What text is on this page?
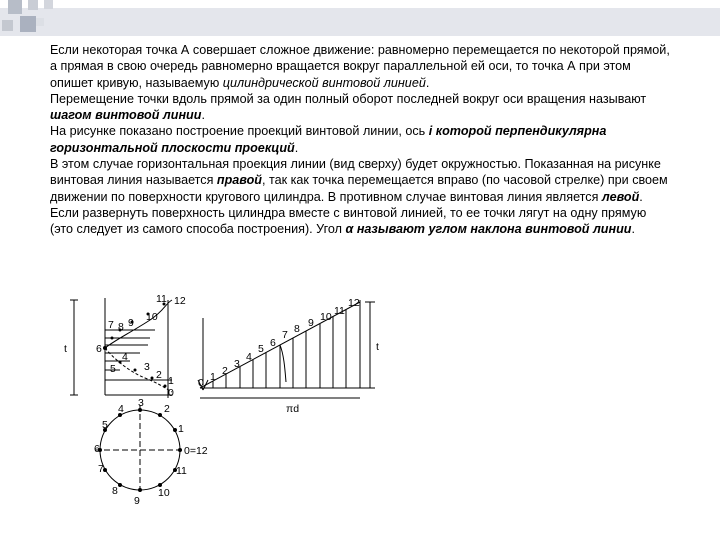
Если некоторая точка А совершает сложное движение: равномерно перемещается по некоторой прямой, а прямая в свою очередь равномерно вращается вокруг параллельной ей оси, то точка А при этом опишет кривую, называемую цилиндрической винтовой линией.

Перемещение точки вдоль прямой за один полный оборот последней вокруг оси вращения называют шагом винтовой линии.

На рисунке показано построение проекций винтовой линии, ось i которой перпендикулярна горизонтальной плоскости проекций.

В этом случае горизонтальная проекция линии (вид сверху) будет окружностью. Показанная на рисунке винтовая линия называется правой, так как точка перемещается вправо (по часовой стрелке) при своем движении по поверхности кругового цилиндра. В противном случае винтовая линия является левой. Если развернуть поверхность цилиндра вместе с винтовой линией, то ее точки лягут на одну прямую (это следует из самого способа построения). Угол α называют углом наклона винтовой линии.

11 12
7 8 9 10
6
5
4
3
2 1
0
4 3 2
5	1
6	0=12
7	11
8
9
10
0 1 2
3
4
5 6
7 8 9 10 11
12
t
πd
t
